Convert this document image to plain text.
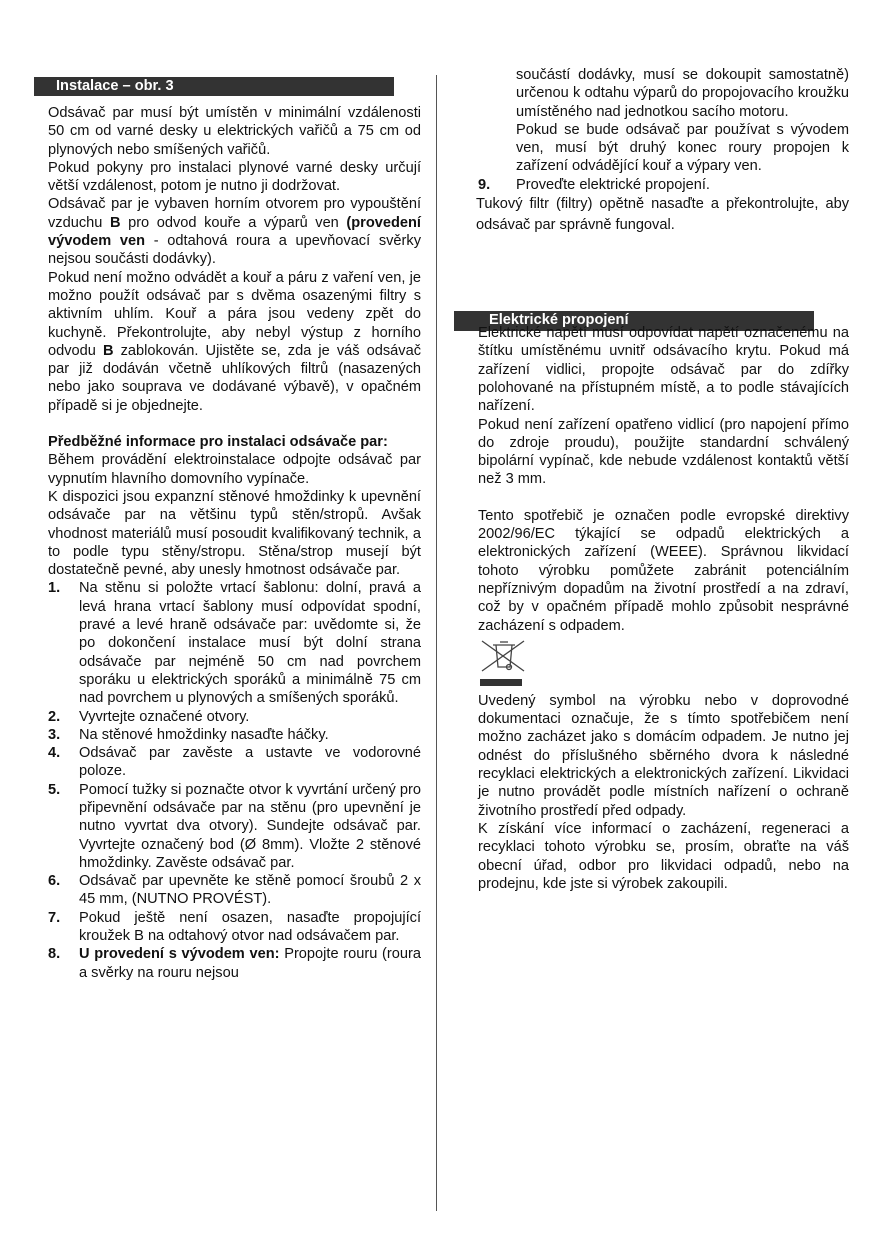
Instalace – obr. 3
Elektrické propojení

Odsávač par musí být umístěn v minimální vzdálenosti 50 cm od varné desky u elektrických vařičů a 75 cm od plynových nebo smíšených vařičů.

Pokud pokyny pro instalaci plynové varné desky určují větší vzdálenost, potom je nutno ji dodržovat.

Odsávač par je vybaven horním otvorem pro vypouštění vzduchu B pro odvod kouře a výparů ven (provedení vývodem ven - odtahová roura a upevňovací svěrky nejsou součásti dodávky).

Pokud není možno odvádět a kouř a páru z vaření ven, je možno použít odsávač par s dvěma osazenými filtry s aktivním uhlím. Kouř a pára jsou vedeny zpět do kuchyně. Překontrolujte, aby nebyl výstup z horního odvodu B zablokován. Ujistěte se, zda je váš odsávač par již dodáván včetně uhlíkových filtrů (nasazených nebo jako souprava ve dodávané výbavě), v opačném případě si je objednejte.

Předběžné informace pro instalaci odsávače par:

Během provádění elektroinstalace odpojte odsávač par vypnutím hlavního domovního vypínače.

K dispozici jsou expanzní stěnové hmoždinky k upevnění odsávače par na většinu typů stěn/stropů. Avšak vhodnost materiálů musí posoudit kvalifikovaný technik, a to podle typu stěny/stropu. Stěna/strop musejí být dostatečně pevné, aby unesly hmotnost odsávače par.

1. Na stěnu si položte vrtací šablonu: dolní, pravá a levá hrana vrtací šablony musí odpovídat spodní, pravé a levé hraně odsávače par: uvědomte si, že po dokončení instalace musí být dolní strana odsávače par nejméně 50 cm nad povrchem sporáku u elektrických sporáků a minimálně 75 cm nad povrchem u plynových a smíšených sporáků.
2. Vyvrtejte označené otvory.
3. Na stěnové hmoždinky nasaďte háčky.
4. Odsávač par zavěste a ustavte ve vodorovné poloze.
5. Pomocí tužky si poznačte otvor k vyvrtání určený pro připevnění odsávače par na stěnu (pro upevnění je nutno vyvrtat dva otvory). Sundejte odsávač par. Vyvrtejte označený bod (Ø 8mm). Vložte 2 stěnové hmoždinky. Zavěste odsávač par.
6. Odsávač par upevněte ke stěně pomocí šroubů 2 x 45 mm, (NUTNO PROVÉST).
7. Pokud ještě není osazen, nasaďte propojující kroužek B na odtahový otvor nad odsávačem par.
8. U provedení s vývodem ven: Propojte rouru (roura a svěrky na rouru nejsou

součástí dodávky, musí se dokoupit samostatně) určenou k odtahu výparů do propojovacího kroužku umístěného nad jednotkou sacího motoru.

Pokud se bude odsávač par používat s vývodem ven, musí být druhý konec roury propojen k zařízení odvádějící kouř a výpary ven.

9. Proveďte elektrické propojení.

Tukový filtr (filtry) opětně nasaďte a překontrolujte, aby odsávač par správně fungoval.

Elektrické napětí musí odpovídat napětí označenému na štítku umístěnému uvnitř odsávacího krytu. Pokud má zařízení vidlici, propojte odsávač par do zdířky polohované na přístupném místě, a to podle stávajících nařízení.

Pokud není zařízení opatřeno vidlicí (pro napojení přímo do zdroje proudu), použijte standardní schválený bipolární vypínač, kde nebude vzdálenost kontaktů větší než 3 mm.

Tento spotřebič je označen podle evropské direktivy 2002/96/EC týkající se odpadů elektrických a elektronických zařízení (WEEE). Správnou likvidací tohoto výrobku pomůžete zabránit potenciálním nepříznivým dopadům na životní prostředí a na zdraví, což by v opačném případě mohlo způsobit nesprávné zacházení s odpadem.

Uvedený symbol na výrobku nebo v doprovodné dokumentaci označuje, že s tímto spotřebičem není možno zacházet jako s domácím odpadem. Je nutno jej odnést do příslušného sběrného dvora k následné recyklaci elektrických a elektronických zařízení. Likvidaci je nutno provádět podle místních nařízení o ochraně životního prostředí před odpady.

K získání více informací o zacházení, regeneraci a recyklaci tohoto výrobku se, prosím, obraťte na váš obecní úřad, odbor pro likvidaci odpadů, nebo na prodejnu, kde jste si výrobek zakoupili.
